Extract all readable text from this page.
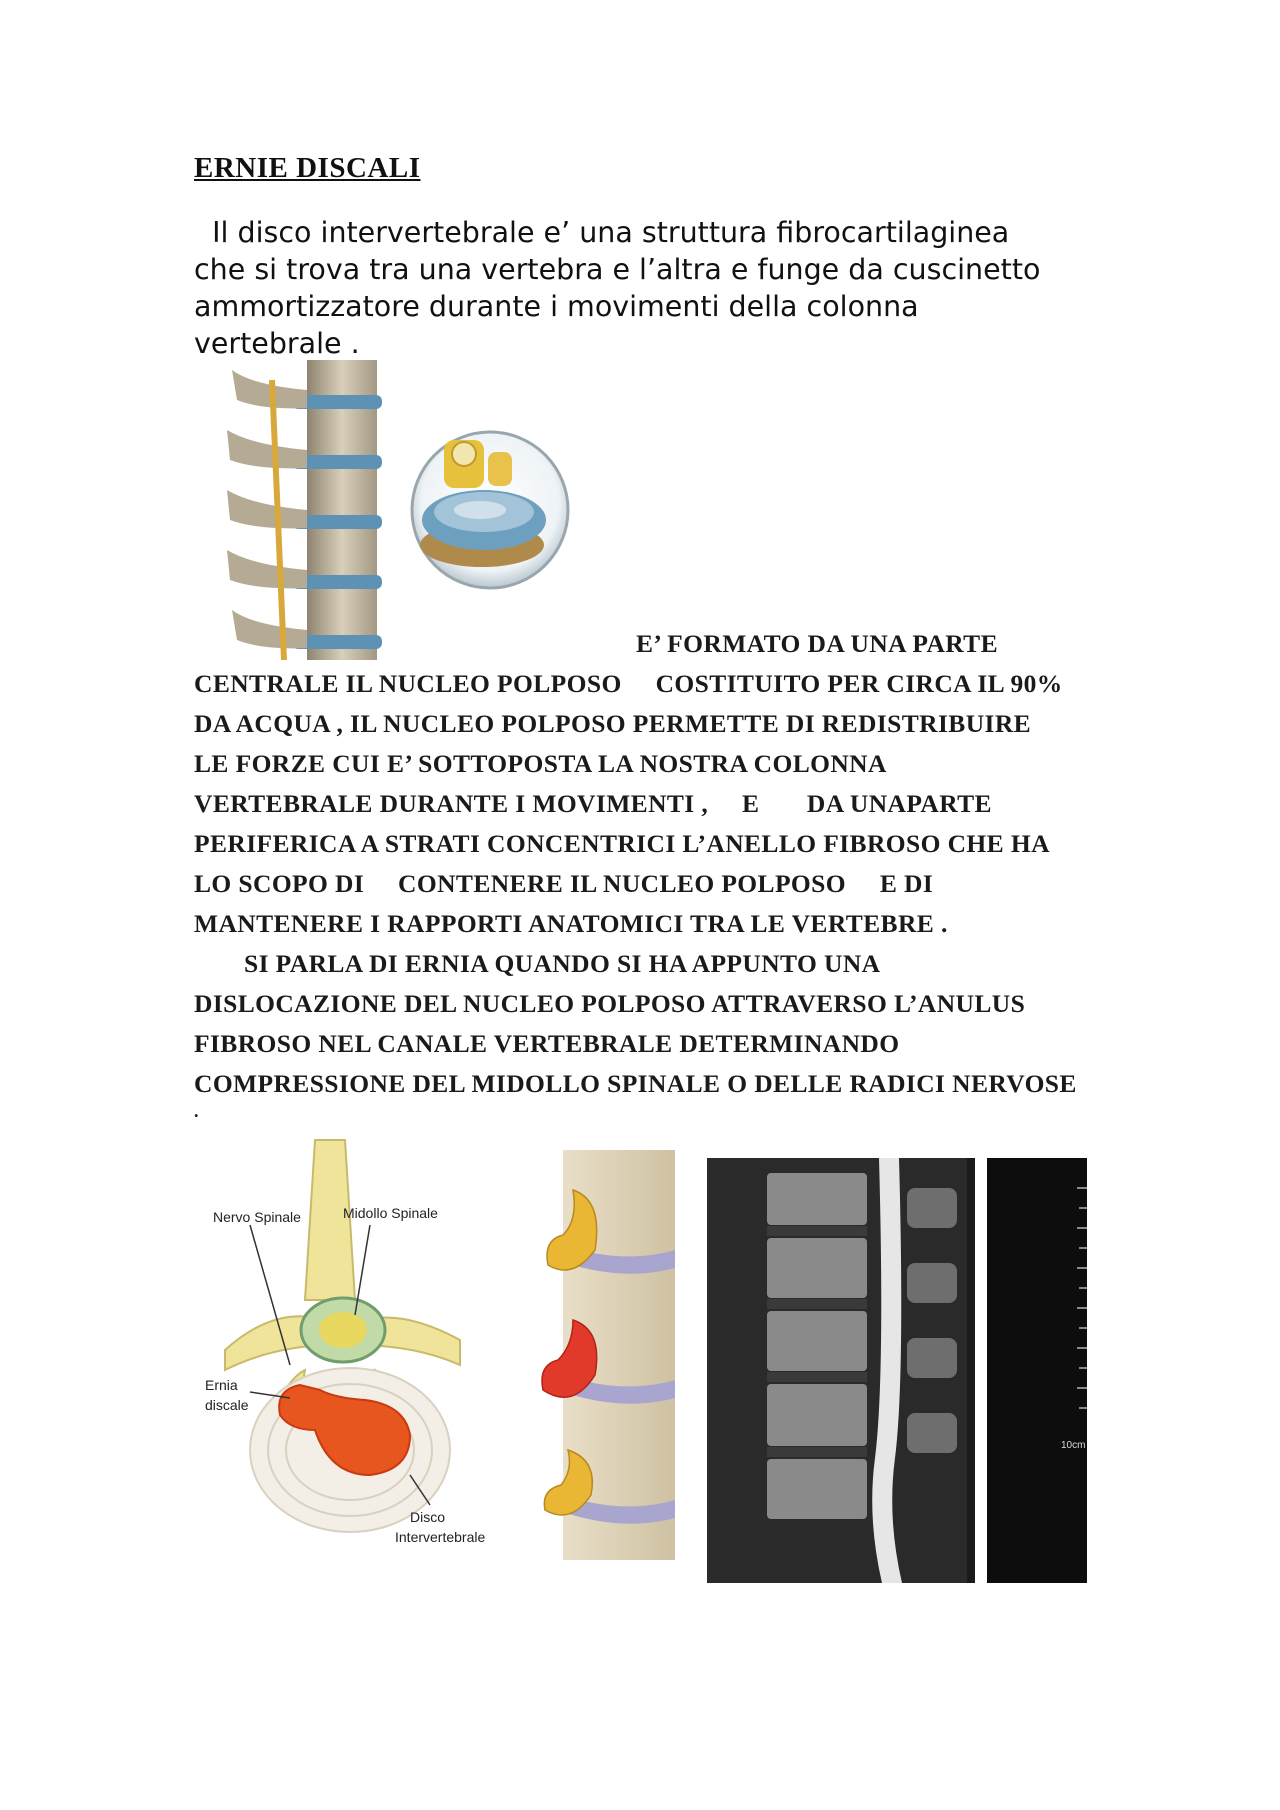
ERNIE DISCALI
Il disco intervertebrale e’ una struttura fibrocartilaginea
che si trova tra una vertebra e l’altra e funge da cuscinetto
ammortizzatore durante i movimenti della colonna
vertebrale .
E’ FORMATO DA UNA PARTE
CENTRALE IL NUCLEO POLPOSO     COSTITUITO PER CIRCA IL 90%
DA ACQUA , IL NUCLEO POLPOSO PERMETTE DI REDISTRIBUIRE
LE FORZE CUI E’ SOTTOPOSTA LA NOSTRA COLONNA
VERTEBRALE DURANTE I MOVIMENTI ,     E       DA UNAPARTE
PERIFERICA A STRATI CONCENTRICI L’ANELLO FIBROSO CHE HA
LO SCOPO DI     CONTENERE IL NUCLEO POLPOSO     E DI
MANTENERE I RAPPORTI ANATOMICI TRA LE VERTEBRE .
SI PARLA DI ERNIA QUANDO SI HA APPUNTO UNA
DISLOCAZIONE DEL NUCLEO POLPOSO ATTRAVERSO L’ANULUS
FIBROSO NEL CANALE VERTEBRALE DETERMINANDO
COMPRESSIONE DEL MIDOLLO SPINALE O DELLE RADICI NERVOSE
.
Nervo Spinale	Midollo Spinale
Ernia
discale
Disco
Intervertebrale
10cm
